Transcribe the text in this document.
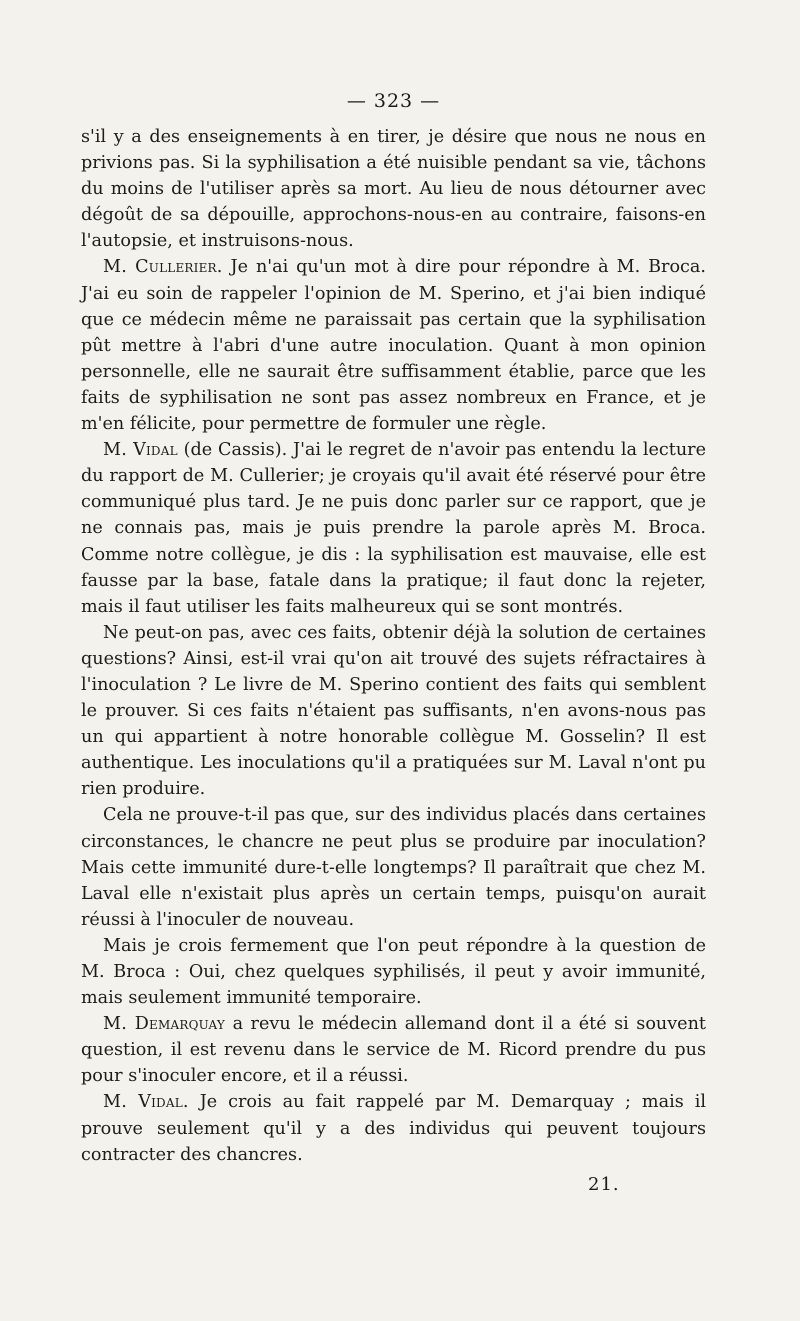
— 323 —

s'il y a des enseignements à en tirer, je désire que nous ne nous en privions pas. Si la syphilisation a été nuisible pendant sa vie, tâchons du moins de l'utiliser après sa mort. Au lieu de nous détourner avec dégoût de sa dépouille, approchons-nous-en au contraire, faisons-en l'autopsie, et instruisons-nous.

M. Cullerier. Je n'ai qu'un mot à dire pour répondre à M. Broca. J'ai eu soin de rappeler l'opinion de M. Sperino, et j'ai bien indiqué que ce médecin même ne paraissait pas certain que la syphilisation pût mettre à l'abri d'une autre inoculation. Quant à mon opinion personnelle, elle ne saurait être suffisamment établie, parce que les faits de syphilisation ne sont pas assez nombreux en France, et je m'en félicite, pour permettre de formuler une règle.

M. Vidal (de Cassis). J'ai le regret de n'avoir pas entendu la lecture du rapport de M. Cullerier; je croyais qu'il avait été réservé pour être communiqué plus tard. Je ne puis donc parler sur ce rapport, que je ne connais pas, mais je puis prendre la parole après M. Broca. Comme notre collègue, je dis : la syphilisation est mauvaise, elle est fausse par la base, fatale dans la pratique; il faut donc la rejeter, mais il faut utiliser les faits malheureux qui se sont montrés.

Ne peut-on pas, avec ces faits, obtenir déjà la solution de certaines questions? Ainsi, est-il vrai qu'on ait trouvé des sujets réfractaires à l'inoculation ? Le livre de M. Sperino contient des faits qui semblent le prouver. Si ces faits n'étaient pas suffisants, n'en avons-nous pas un qui appartient à notre honorable collègue M. Gosselin? Il est authentique. Les inoculations qu'il a pratiquées sur M. Laval n'ont pu rien produire.

Cela ne prouve-t-il pas que, sur des individus placés dans certaines circonstances, le chancre ne peut plus se produire par inoculation? Mais cette immunité dure-t-elle longtemps? Il paraîtrait que chez M. Laval elle n'existait plus après un certain temps, puisqu'on aurait réussi à l'inoculer de nouveau.

Mais je crois fermement que l'on peut répondre à la question de M. Broca : Oui, chez quelques syphilisés, il peut y avoir immunité, mais seulement immunité temporaire.

M. Demarquay a revu le médecin allemand dont il a été si souvent question, il est revenu dans le service de M. Ricord prendre du pus pour s'inoculer encore, et il a réussi.

M. Vidal. Je crois au fait rappelé par M. Demarquay ; mais il prouve seulement qu'il y a des individus qui peuvent toujours contracter des chancres.

21.
